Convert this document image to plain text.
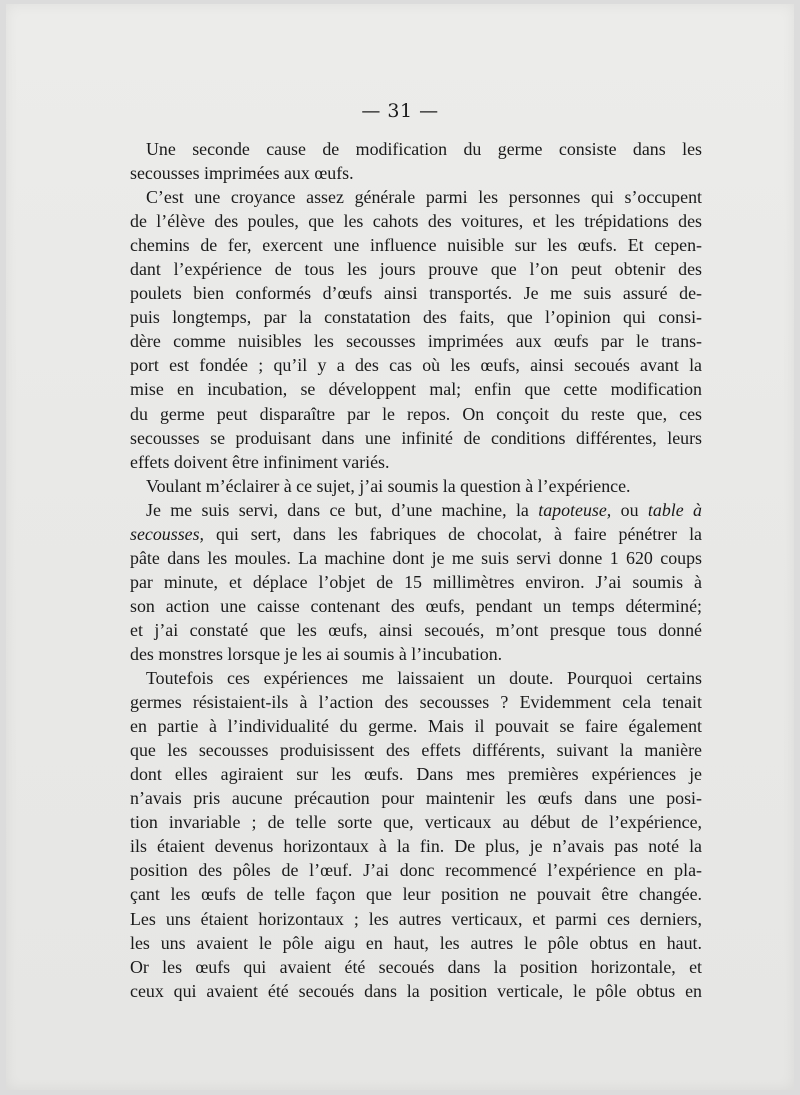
— 31 —
Une seconde cause de modification du germe consiste dans les
secousses imprimées aux œufs.
C’est une croyance assez générale parmi les personnes qui s’occupent
de l’élève des poules, que les cahots des voitures, et les trépidations des
chemins de fer, exercent une influence nuisible sur les œufs. Et cepen-
dant l’expérience de tous les jours prouve que l’on peut obtenir des
poulets bien conformés d’œufs ainsi transportés. Je me suis assuré de-
puis longtemps, par la constatation des faits, que l’opinion qui consi-
dère comme nuisibles les secousses imprimées aux œufs par le trans-
port est fondée ; qu’il y a des cas où les œufs, ainsi secoués avant la
mise en incubation, se développent mal; enfin que cette modification
du germe peut disparaître par le repos. On conçoit du reste que, ces
secousses se produisant dans une infinité de conditions différentes, leurs
effets doivent être infiniment variés.
Voulant m’éclairer à ce sujet, j’ai soumis la question à l’expérience.
Je me suis servi, dans ce but, d’une machine, la tapoteuse, ou table à
secousses, qui sert, dans les fabriques de chocolat, à faire pénétrer la
pâte dans les moules. La machine dont je me suis servi donne 1 620 coups
par minute, et déplace l’objet de 15 millimètres environ. J’ai soumis à
son action une caisse contenant des œufs, pendant un temps déterminé;
et j’ai constaté que les œufs, ainsi secoués, m’ont presque tous donné
des monstres lorsque je les ai soumis à l’incubation.
Toutefois ces expériences me laissaient un doute. Pourquoi certains
germes résistaient-ils à l’action des secousses ? Evidemment cela tenait
en partie à l’individualité du germe. Mais il pouvait se faire également
que les secousses produisissent des effets différents, suivant la manière
dont elles agiraient sur les œufs. Dans mes premières expériences je
n’avais pris aucune précaution pour maintenir les œufs dans une posi-
tion invariable ; de telle sorte que, verticaux au début de l’expérience,
ils étaient devenus horizontaux à la fin. De plus, je n’avais pas noté la
position des pôles de l’œuf. J’ai donc recommencé l’expérience en pla-
çant les œufs de telle façon que leur position ne pouvait être changée.
Les uns étaient horizontaux ; les autres verticaux, et parmi ces derniers,
les uns avaient le pôle aigu en haut, les autres le pôle obtus en haut.
Or les œufs qui avaient été secoués dans la position horizontale, et
ceux qui avaient été secoués dans la position verticale, le pôle obtus en
